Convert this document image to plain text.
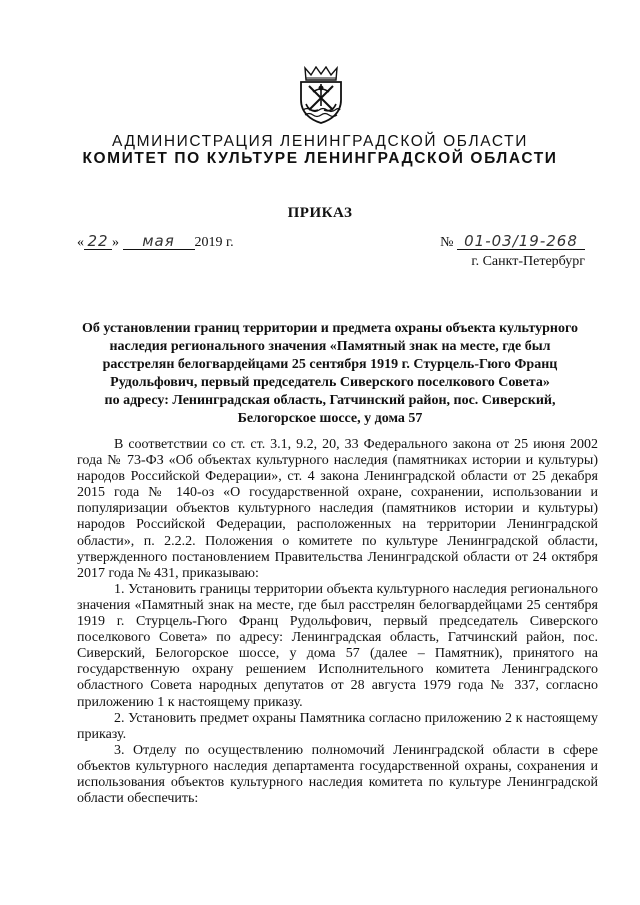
АДМИНИСТРАЦИЯ ЛЕНИНГРАДСКОЙ ОБЛАСТИ
КОМИТЕТ ПО КУЛЬТУРЕ ЛЕНИНГРАДСКОЙ ОБЛАСТИ
ПРИКАЗ
« 22 » мая 2019 г.	№ 01-03/19-268
г. Санкт-Петербург
Об установлении границ территории и предмета охраны объекта культурного
наследия регионального значения «Памятный знак на месте, где был
расстрелян белогвардейцами 25 сентября 1919 г. Стурцель-Гюго Франц
Рудольфович, первый председатель Сиверского поселкового Совета»
по адресу: Ленинградская область, Гатчинский район, пос. Сиверский,
Белогорское шоссе, у дома 57

В соответствии со ст. ст. 3.1, 9.2, 20, 33 Федерального закона от 25 июня 2002 года № 73-ФЗ «Об объектах культурного наследия (памятниках истории и культуры) народов Российской Федерации», ст. 4 закона Ленинградской области от 25 декабря 2015 года № 140-оз «О государственной охране, сохранении, использовании и популяризации объектов культурного наследия (памятников истории и культуры) народов Российской Федерации, расположенных на территории Ленинградской области», п. 2.2.2. Положения о комитете по культуре Ленинградской области, утвержденного постановлением Правительства Ленинградской области от 24 октября 2017 года № 431, приказываю:

1. Установить границы территории объекта культурного наследия регионального значения «Памятный знак на месте, где был расстрелян белогвардейцами 25 сентября 1919 г. Стурцель-Гюго Франц Рудольфович, первый председатель Сиверского поселкового Совета» по адресу: Ленинградская область, Гатчинский район, пос. Сиверский, Белогорское шоссе, у дома 57 (далее – Памятник), принятого на государственную охрану решением Исполнительного комитета Ленинградского областного Совета народных депутатов от 28 августа 1979 года № 337, согласно приложению 1 к настоящему приказу.

2. Установить предмет охраны Памятника согласно приложению 2 к настоящему приказу.

3. Отделу по осуществлению полномочий Ленинградской области в сфере объектов культурного наследия департамента государственной охраны, сохранения и использования объектов культурного наследия комитета по культуре Ленинградской области обеспечить:
